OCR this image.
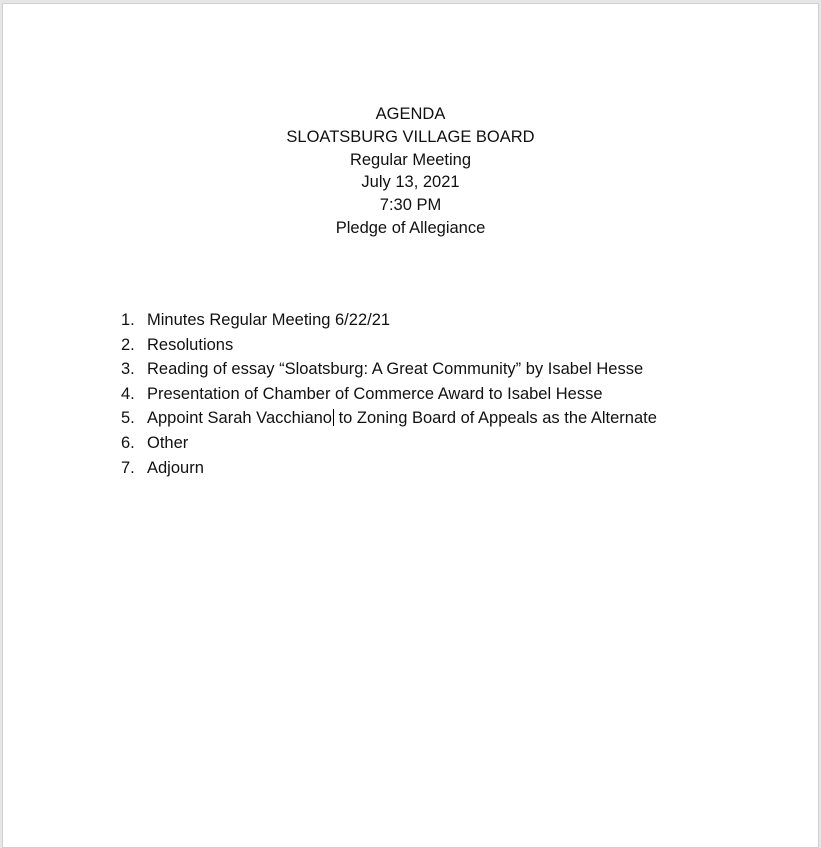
AGENDA
SLOATSBURG VILLAGE BOARD
Regular Meeting
July 13, 2021
7:30 PM
Pledge of Allegiance
1. Minutes Regular Meeting 6/22/21
2. Resolutions
3. Reading of essay “Sloatsburg: A Great Community” by Isabel Hesse
4. Presentation of Chamber of Commerce Award to Isabel Hesse
5. Appoint Sarah Vacchiano to Zoning Board of Appeals as the Alternate
6. Other
7. Adjourn
